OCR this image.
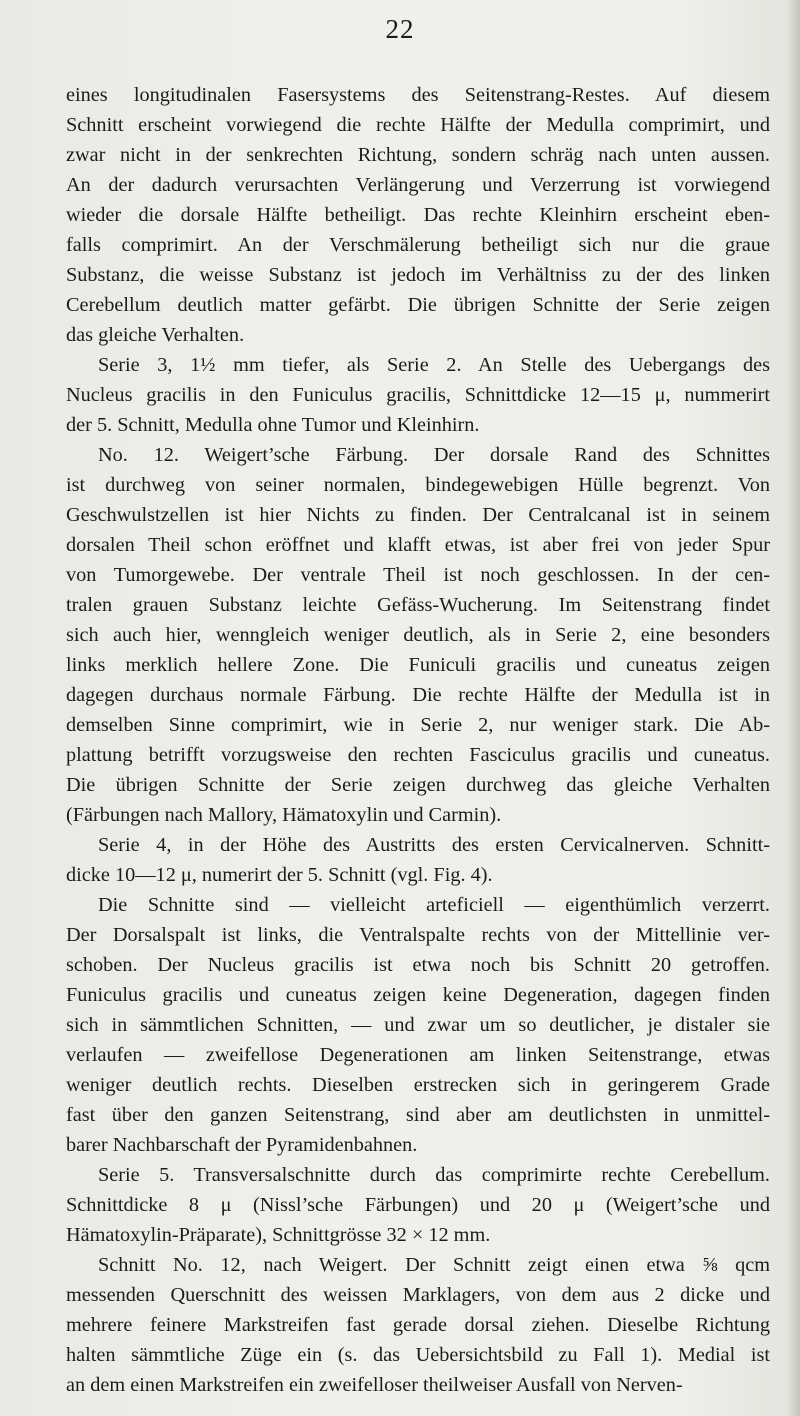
22
eines longitudinalen Fasersystems des Seitenstrang-Restes. Auf diesem
Schnitt erscheint vorwiegend die rechte Hälfte der Medulla comprimirt, und
zwar nicht in der senkrechten Richtung, sondern schräg nach unten aussen.
An der dadurch verursachten Verlängerung und Verzerrung ist vorwiegend
wieder die dorsale Hälfte betheiligt. Das rechte Kleinhirn erscheint eben-
falls comprimirt. An der Verschmälerung betheiligt sich nur die graue
Substanz, die weisse Substanz ist jedoch im Verhältniss zu der des linken
Cerebellum deutlich matter gefärbt. Die übrigen Schnitte der Serie zeigen
das gleiche Verhalten.
Serie 3, 1½ mm tiefer, als Serie 2. An Stelle des Uebergangs des
Nucleus gracilis in den Funiculus gracilis, Schnittdicke 12—15 μ, nummerirt
der 5. Schnitt, Medulla ohne Tumor und Kleinhirn.
No. 12. Weigert’sche Färbung. Der dorsale Rand des Schnittes
ist durchweg von seiner normalen, bindegewebigen Hülle begrenzt. Von
Geschwulstzellen ist hier Nichts zu finden. Der Centralcanal ist in seinem
dorsalen Theil schon eröffnet und klafft etwas, ist aber frei von jeder Spur
von Tumorgewebe. Der ventrale Theil ist noch geschlossen. In der cen-
tralen grauen Substanz leichte Gefäss-Wucherung. Im Seitenstrang findet
sich auch hier, wenngleich weniger deutlich, als in Serie 2, eine besonders
links merklich hellere Zone. Die Funiculi gracilis und cuneatus zeigen
dagegen durchaus normale Färbung. Die rechte Hälfte der Medulla ist in
demselben Sinne comprimirt, wie in Serie 2, nur weniger stark. Die Ab-
plattung betrifft vorzugsweise den rechten Fasciculus gracilis und cuneatus.
Die übrigen Schnitte der Serie zeigen durchweg das gleiche Verhalten
(Färbungen nach Mallory, Hämatoxylin und Carmin).
Serie 4, in der Höhe des Austritts des ersten Cervicalnerven. Schnitt-
dicke 10—12 μ, numerirt der 5. Schnitt (vgl. Fig. 4).
Die Schnitte sind — vielleicht arteficiell — eigenthümlich verzerrt.
Der Dorsalspalt ist links, die Ventralspalte rechts von der Mittellinie ver-
schoben. Der Nucleus gracilis ist etwa noch bis Schnitt 20 getroffen.
Funiculus gracilis und cuneatus zeigen keine Degeneration, dagegen finden
sich in sämmtlichen Schnitten, — und zwar um so deutlicher, je distaler sie
verlaufen — zweifellose Degenerationen am linken Seitenstrange, etwas
weniger deutlich rechts. Dieselben erstrecken sich in geringerem Grade
fast über den ganzen Seitenstrang, sind aber am deutlichsten in unmittel-
barer Nachbarschaft der Pyramidenbahnen.
Serie 5. Transversalschnitte durch das comprimirte rechte Cerebellum.
Schnittdicke 8 μ (Nissl’sche Färbungen) und 20 μ (Weigert’sche und
Hämatoxylin-Präparate), Schnittgrösse 32 × 12 mm.
Schnitt No. 12, nach Weigert. Der Schnitt zeigt einen etwa ⅝ qcm
messenden Querschnitt des weissen Marklagers, von dem aus 2 dicke und
mehrere feinere Markstreifen fast gerade dorsal ziehen. Dieselbe Richtung
halten sämmtliche Züge ein (s. das Uebersichtsbild zu Fall 1). Medial ist
an dem einen Markstreifen ein zweifelloser theilweiser Ausfall von Nerven-
